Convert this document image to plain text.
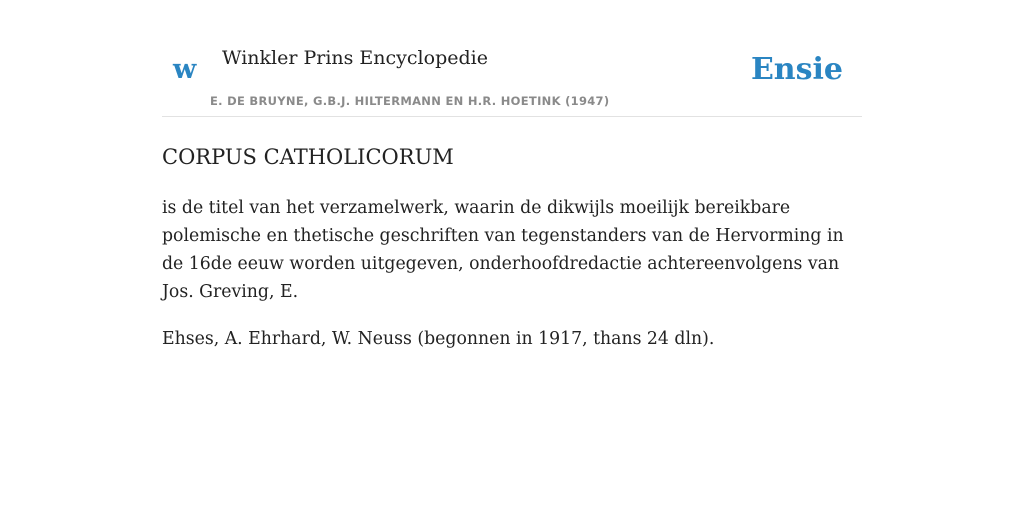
w Winkler Prins Encyclopedie
E. DE BRUYNE, G.B.J. HILTERMANN EN H.R. HOETINK (1947)
Ensie
CORPUS CATHOLICORUM

is de titel van het verzamelwerk, waarin de dikwijls moeilijk bereikbare polemische en thetische geschriften van tegenstanders van de Hervorming in de 16de eeuw worden uitgegeven, onderhoofdredactie achtereenvolgens van Jos. Greving, E.

Ehses, A. Ehrhard, W. Neuss (begonnen in 1917, thans 24 dln).
